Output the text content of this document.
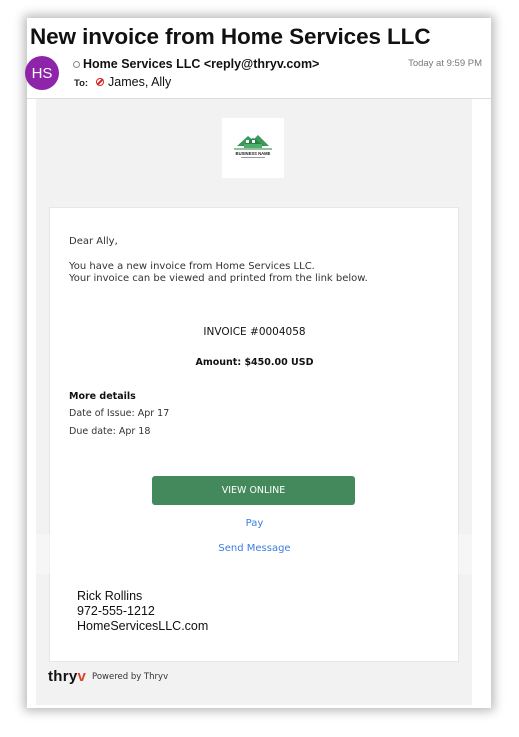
New invoice from Home Services LLC
HS
Home Services LLC <reply@thryv.com>	Today at 9:59 PM
To: James, Ally
BUSINESS NAME
Dear Ally,
You have a new invoice from Home Services LLC.
Your invoice can be viewed and printed from the link below.
INVOICE #0004058
Amount: $450.00 USD
More details
Date of Issue: Apr 17
Due date: Apr 18
VIEW ONLINE
Pay
Send Message
Rick Rollins
972-555-1212
HomeServicesLLC.com
thryv Powered by Thryv
